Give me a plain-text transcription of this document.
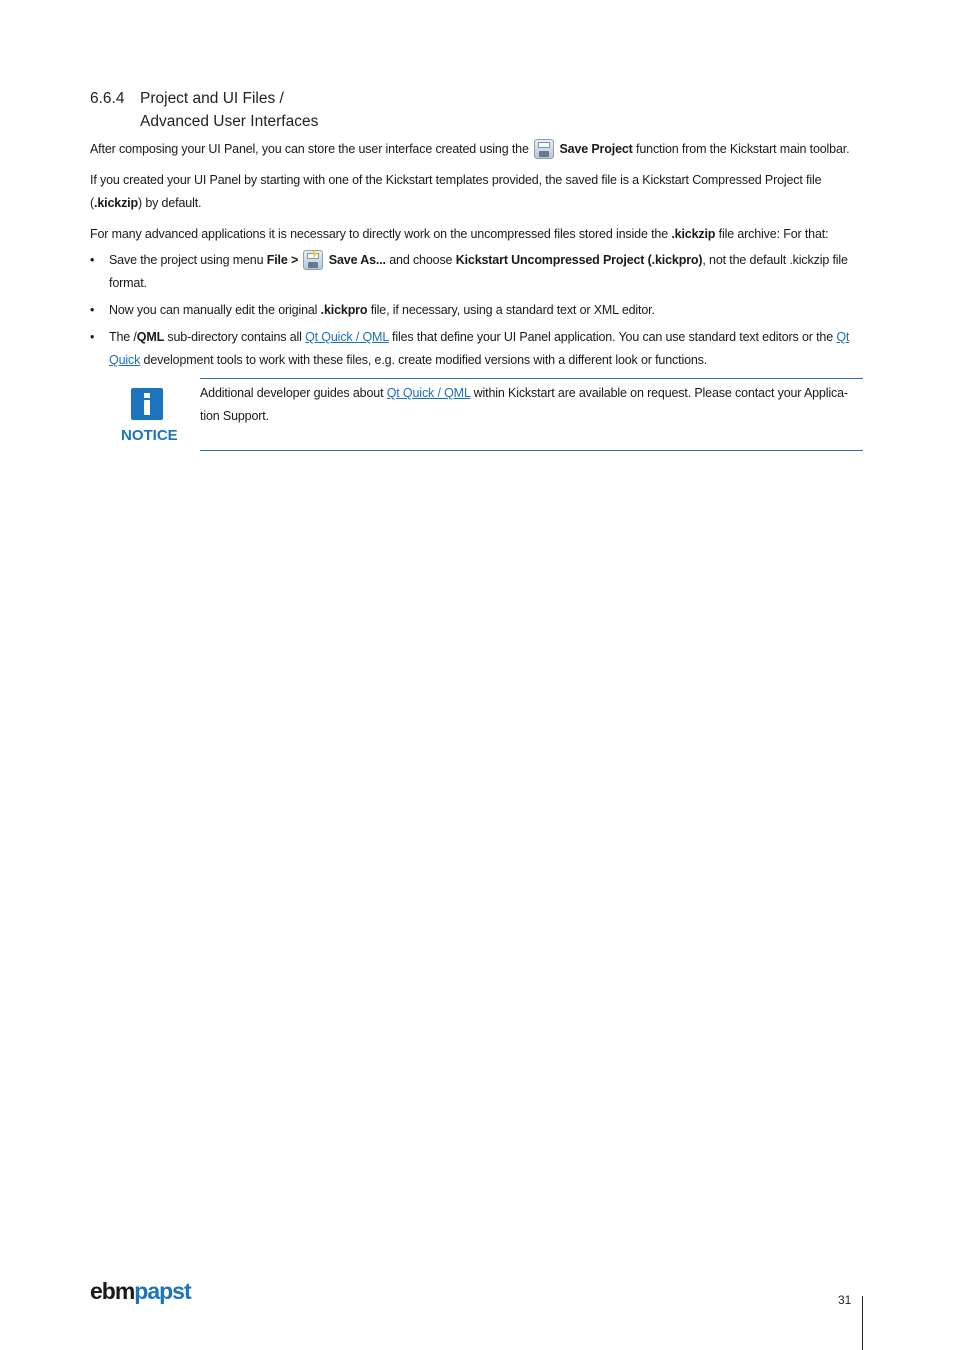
6.6.4 Project and UI Files /
Advanced User Interfaces
After composing your UI Panel, you can store the user interface created using the Save Project function from the Kickstart main toolbar.
If you created your UI Panel by starting with one of the Kickstart templates provided, the saved file is a Kickstart Compressed Project file (.kickzip) by default.
For many advanced applications it is necessary to directly work on the uncompressed files stored inside the .kickzip file archive: For that:
• Save the project using menu File > Save As... and choose Kickstart Uncompressed Project (.kickpro), not the default .kickzip file format.
• Now you can manually edit the original .kickpro file, if necessary, using a standard text or XML editor.
• The /QML sub-directory contains all Qt Quick / QML files that define your UI Panel application. You can use standard text editors or the Qt Quick development tools to work with these files, e.g. create modified versions with a different look or functions.
NOTICE
Additional developer guides about Qt Quick / QML within Kickstart are available on request. Please contact your Applica-tion Support.
ebmpapst	31
